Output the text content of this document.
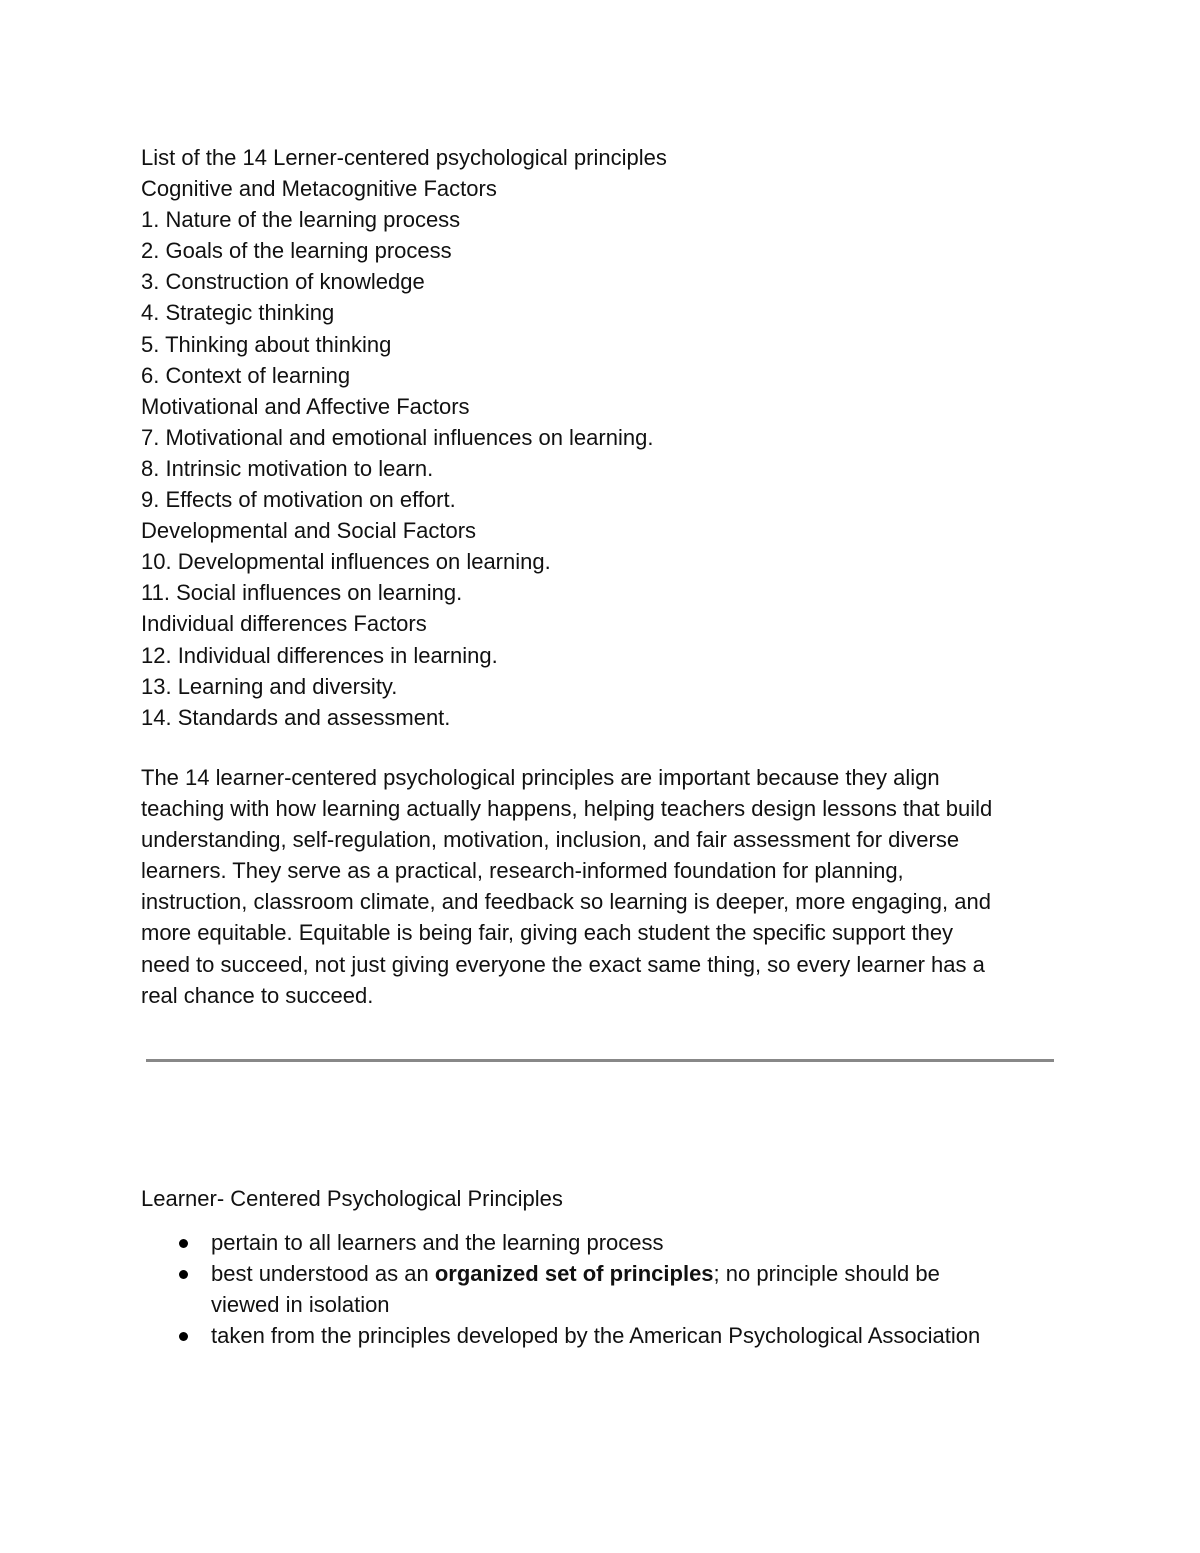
List of the 14 Lerner-centered psychological principles
Cognitive and Metacognitive Factors
1. Nature of the learning process
2. Goals of the learning process
3. Construction of knowledge
4. Strategic thinking
5. Thinking about thinking
6. Context of learning
Motivational and Affective Factors
7. Motivational and emotional influences on learning.
8. Intrinsic motivation to learn.
9. Effects of motivation on effort.
Developmental and Social Factors
10. Developmental influences on learning.
11. Social influences on learning.
Individual differences Factors
12. Individual differences in learning.
13. Learning and diversity.
14. Standards and assessment.
The 14 learner-centered psychological principles are important because they align
teaching with how learning actually happens, helping teachers design lessons that build
understanding, self-regulation, motivation, inclusion, and fair assessment for diverse
learners. They serve as a practical, research-informed foundation for planning,
instruction, classroom climate, and feedback so learning is deeper, more engaging, and
more equitable. Equitable is being fair, giving each student the specific support they
need to succeed, not just giving everyone the exact same thing, so every learner has a
real chance to succeed.
Learner- Centered Psychological Principles
pertain to all learners and the learning process
best understood as an organized set of principles; no principle should be
viewed in isolation
taken from the principles developed by the American Psychological Association
